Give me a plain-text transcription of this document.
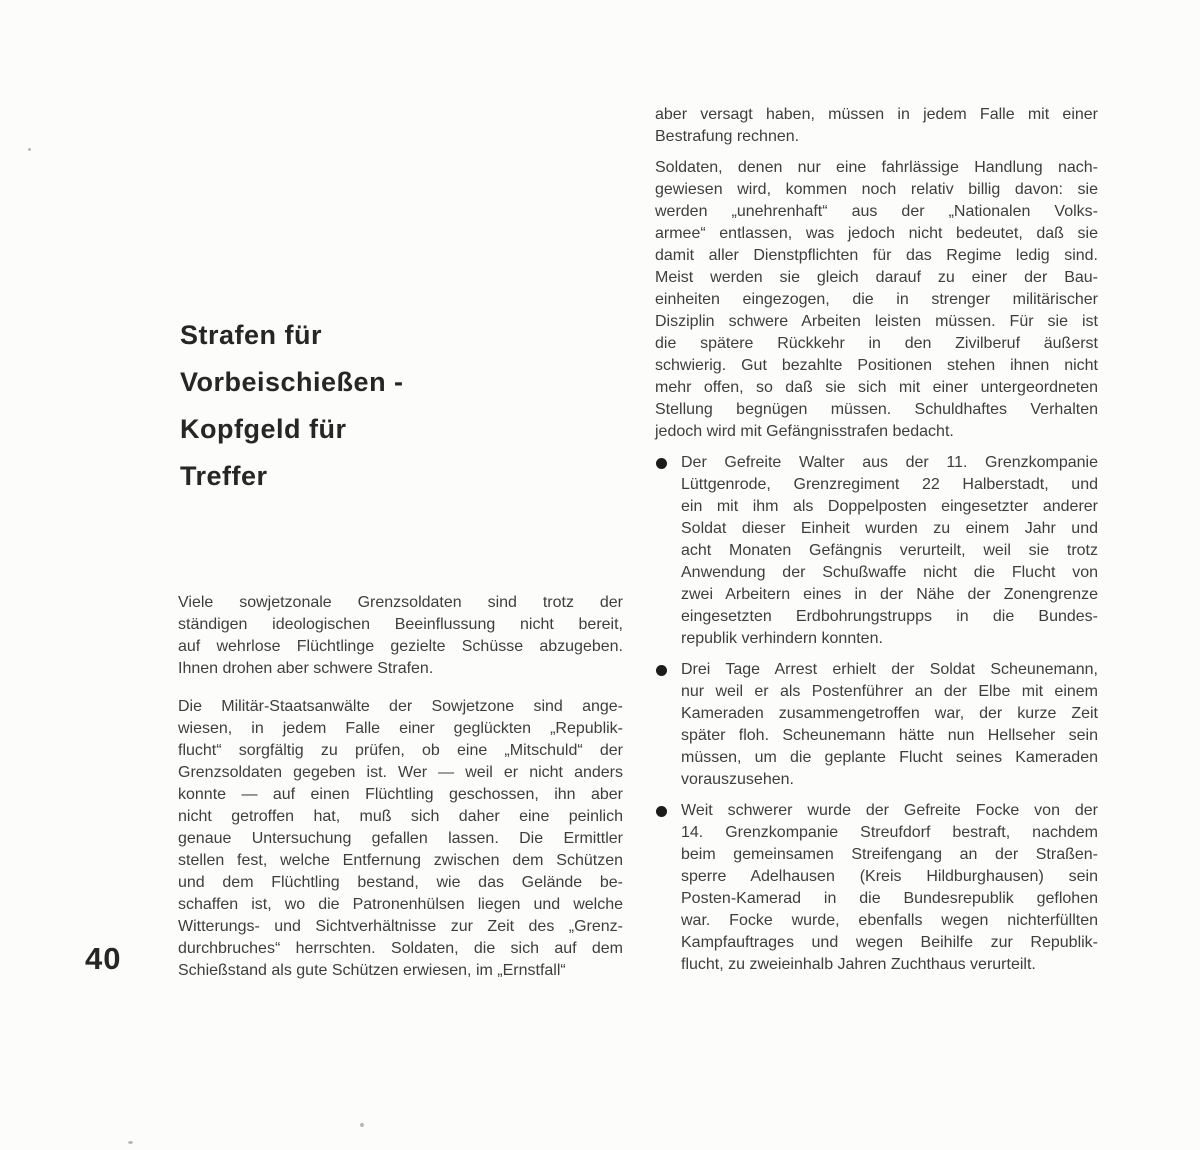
Strafen für
Vorbeischießen -
Kopfgeld für
Treffer
40
Viele sowjetzonale Grenzsoldaten sind trotz der
ständigen ideologischen Beeinflussung nicht bereit,
auf wehrlose Flüchtlinge gezielte Schüsse abzugeben.
Ihnen drohen aber schwere Strafen.
Die Militär-Staatsanwälte der Sowjetzone sind ange-
wiesen, in jedem Falle einer geglückten „Republik-
flucht“ sorgfältig zu prüfen, ob eine „Mitschuld“ der
Grenzsoldaten gegeben ist. Wer — weil er nicht anders
konnte — auf einen Flüchtling geschossen, ihn aber
nicht getroffen hat, muß sich daher eine peinlich
genaue Untersuchung gefallen lassen. Die Ermittler
stellen fest, welche Entfernung zwischen dem Schützen
und dem Flüchtling bestand, wie das Gelände be-
schaffen ist, wo die Patronenhülsen liegen und welche
Witterungs- und Sichtverhältnisse zur Zeit des „Grenz-
durchbruches“ herrschten. Soldaten, die sich auf dem
Schießstand als gute Schützen erwiesen, im „Ernstfall“
aber versagt haben, müssen in jedem Falle mit einer
Bestrafung rechnen.
Soldaten, denen nur eine fahrlässige Handlung nach-
gewiesen wird, kommen noch relativ billig davon: sie
werden „unehrenhaft“ aus der „Nationalen Volks-
armee“ entlassen, was jedoch nicht bedeutet, daß sie
damit aller Dienstpflichten für das Regime ledig sind.
Meist werden sie gleich darauf zu einer der Bau-
einheiten eingezogen, die in strenger militärischer
Disziplin schwere Arbeiten leisten müssen. Für sie ist
die spätere Rückkehr in den Zivilberuf äußerst
schwierig. Gut bezahlte Positionen stehen ihnen nicht
mehr offen, so daß sie sich mit einer untergeordneten
Stellung begnügen müssen. Schuldhaftes Verhalten
jedoch wird mit Gefängnisstrafen bedacht.
Der Gefreite Walter aus der 11. Grenzkompanie
Lüttgenrode, Grenzregiment 22 Halberstadt, und
ein mit ihm als Doppelposten eingesetzter anderer
Soldat dieser Einheit wurden zu einem Jahr und
acht Monaten Gefängnis verurteilt, weil sie trotz
Anwendung der Schußwaffe nicht die Flucht von
zwei Arbeitern eines in der Nähe der Zonengrenze
eingesetzten Erdbohrungstrupps in die Bundes-
republik verhindern konnten.
Drei Tage Arrest erhielt der Soldat Scheunemann,
nur weil er als Postenführer an der Elbe mit einem
Kameraden zusammengetroffen war, der kurze Zeit
später floh. Scheunemann hätte nun Hellseher sein
müssen, um die geplante Flucht seines Kameraden
vorauszusehen.
Weit schwerer wurde der Gefreite Focke von der
14. Grenzkompanie Streufdorf bestraft, nachdem
beim gemeinsamen Streifengang an der Straßen-
sperre Adelhausen (Kreis Hildburghausen) sein
Posten-Kamerad in die Bundesrepublik geflohen
war. Focke wurde, ebenfalls wegen nichterfüllten
Kampfauftrages und wegen Beihilfe zur Republik-
flucht, zu zweieinhalb Jahren Zuchthaus verurteilt.
